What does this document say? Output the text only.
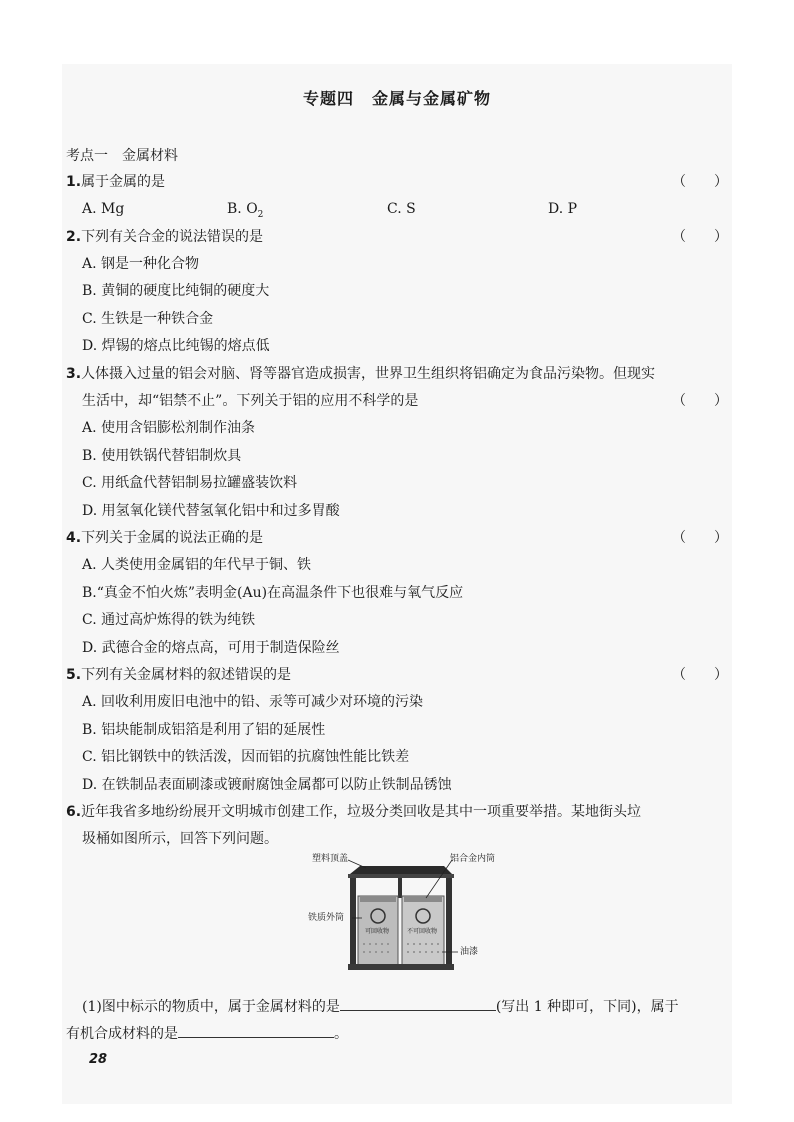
专题四 金属与金属矿物
考点一　金属材料
1.属于金属的是	（　　）
A. Mg	B. $O_2$	C. S	D. P
2.下列有关合金的说法错误的是	（　　）
A. 钢是一种化合物
B. 黄铜的硬度比纯铜的硬度大
C. 生铁是一种铁合金
D. 焊锡的熔点比纯锡的熔点低
3.人体摄入过量的铝会对脑、肾等器官造成损害，世界卫生组织将铝确定为食品污染物。但现实
生活中，却“铝禁不止”。下列关于铝的应用不科学的是	（　　）
A. 使用含铝膨松剂制作油条
B. 使用铁锅代替铝制炊具
C. 用纸盒代替铝制易拉罐盛装饮料
D. 用氢氧化镁代替氢氧化铝中和过多胃酸
4.下列关于金属的说法正确的是	（　　）
A. 人类使用金属铝的年代早于铜、铁
B.“真金不怕火炼”表明金(Au)在高温条件下也很难与氧气反应
C. 通过高炉炼得的铁为纯铁
D. 武德合金的熔点高，可用于制造保险丝
5.下列有关金属材料的叙述错误的是	（　　）
A. 回收利用废旧电池中的铅、汞等可减少对环境的污染
B. 铝块能制成铝箔是利用了铝的延展性
C. 铝比钢铁中的铁活泼，因而铝的抗腐蚀性能比铁差
D. 在铁制品表面刷漆或镀耐腐蚀金属都可以防止铁制品锈蚀
6.近年我省多地纷纷展开文明城市创建工作，垃圾分类回收是其中一项重要举措。某地街头垃
圾桶如图所示，回答下列问题。
塑料顶盖	铝合金内筒
铁质外筒
油漆
可回收物	不可回收物
(1)图中标示的物质中，属于金属材料的是	(写出 1 种即可，下同)，属于
有机合成材料的是	。
28
